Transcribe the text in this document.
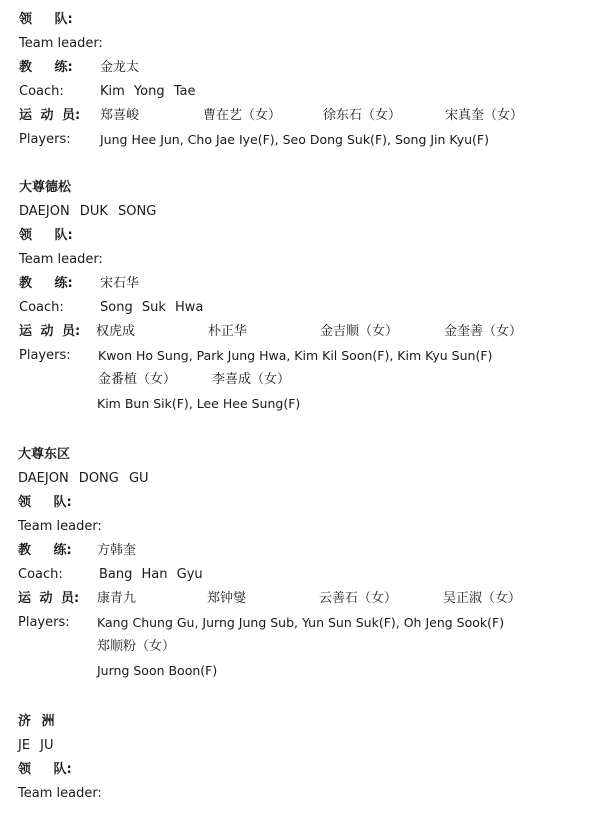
领 队:
Team leader:
教 练: 金龙太
Coach:	Kim Yong Tae
运 动 员: 郑喜峻	曹在艺（女）	徐东石（女）	宋真奎（女）
Players: Jung Hee Jun, Cho Jae Iye(F), Seo Dong Suk(F), Song Jin Kyu(F)
大尊德松
DAEJON DUK SONG
领 队:
Team leader:
教 练: 宋石华
Coach:	Song Suk Hwa
运 动 员: 权虎成	朴正华	金吉顺（女）	金奎善（女）
Players: Kwon Ho Sung, Park Jung Hwa, Kim Kil Soon(F), Kim Kyu Sun(F)
金番植（女）	李喜成（女）
Kim Bun Sik(F), Lee Hee Sung(F)
大尊东区
DAEJON DONG GU
领 队:
Team leader:
教 练: 方韩奎
Coach:	Bang Han Gyu
运 动 员: 康青九	郑钟燮	云善石（女）	吴正淑（女）
Players: Kang Chung Gu, Jurng Jung Sub, Yun Sun Suk(F), Oh Jeng Sook(F)
郑顺粉（女）
Jurng Soon Boon(F)
济 洲
JE JU
领 队:
Team leader:
